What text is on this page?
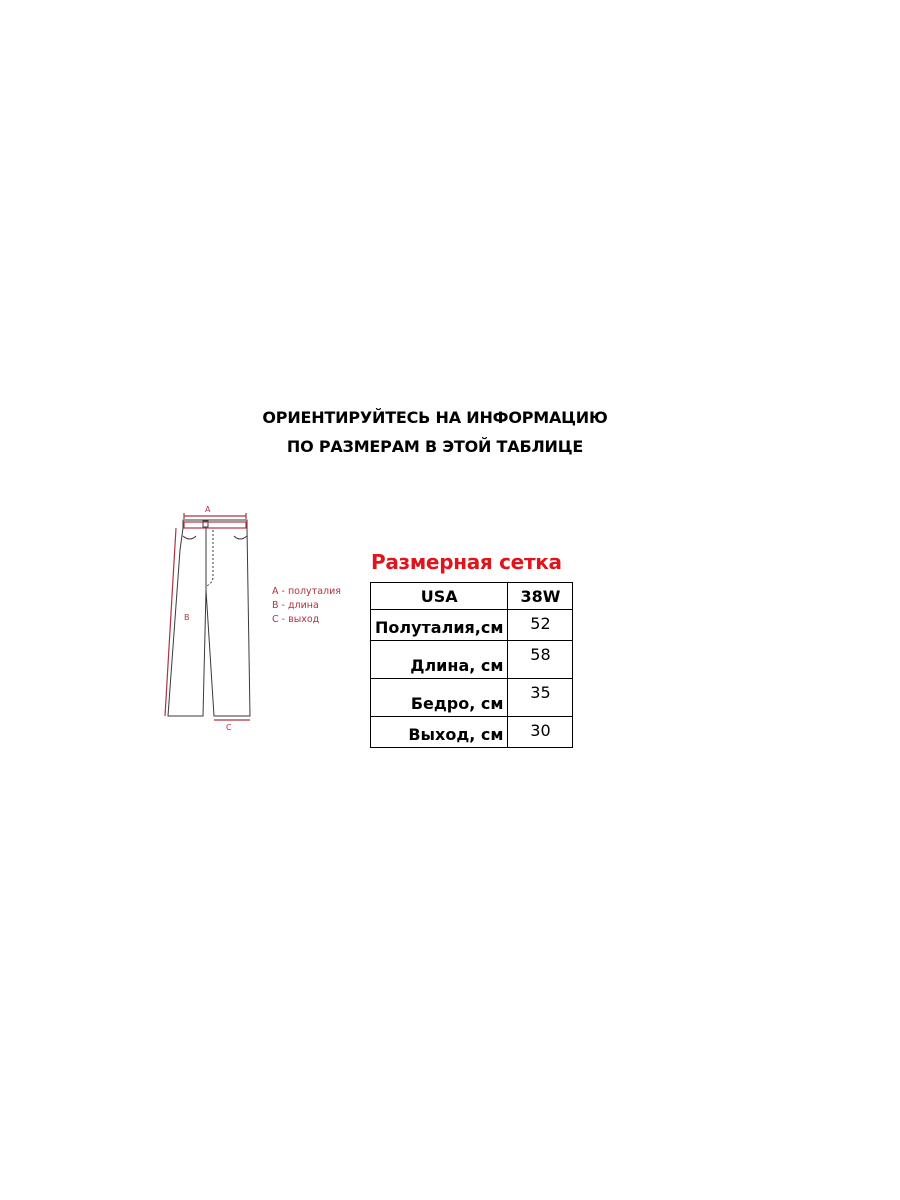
ОРИЕНТИРУЙТЕСЬ НА ИНФОРМАЦИЮ
ПО РАЗМЕРАМ В ЭТОЙ ТАБЛИЦЕ
A
B
C
А - полуталия
В - длина
С - выход
Размерная сетка
USA	38W
Полуталия,см	52
Длина, см	58
Бедро, см	35
Выход, см	30
